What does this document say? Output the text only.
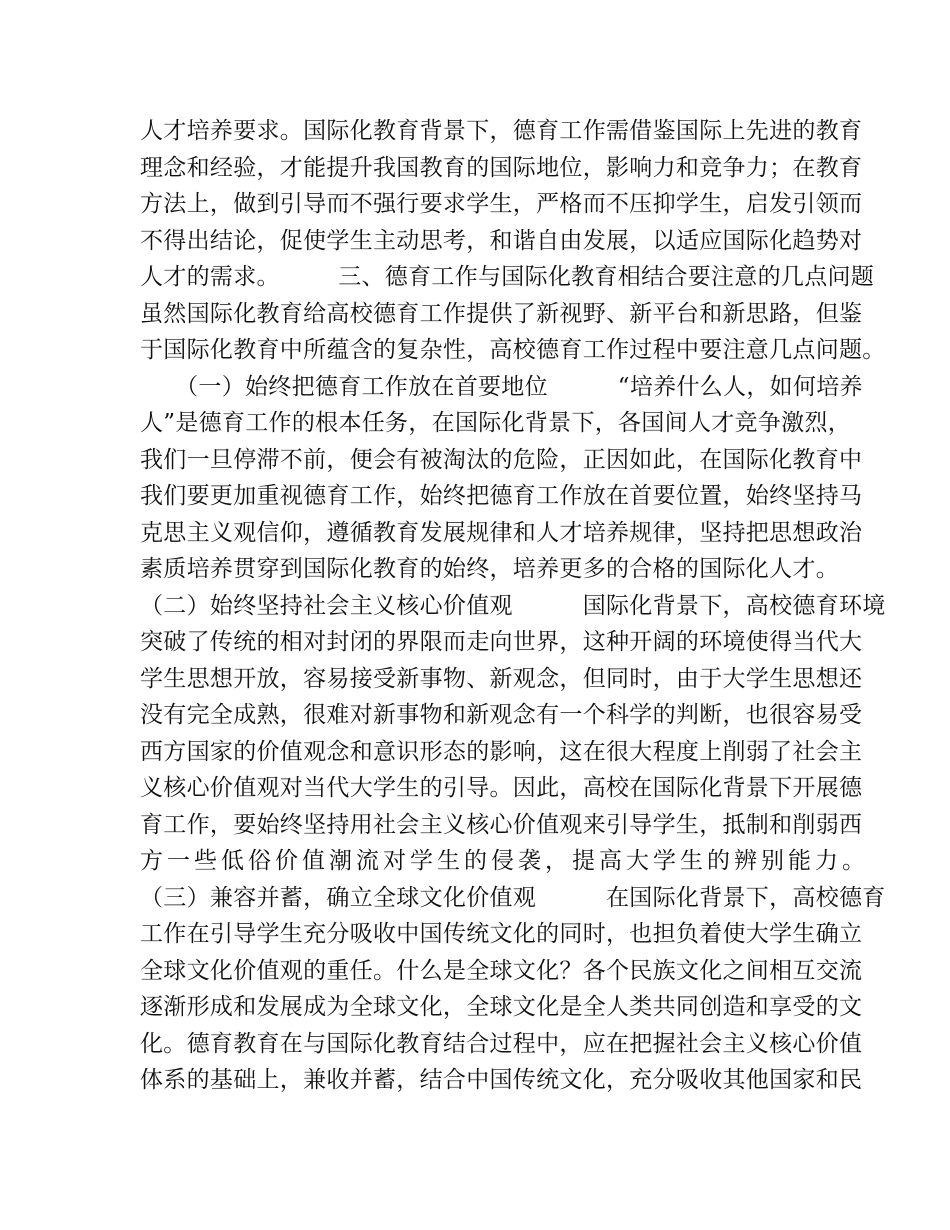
人才培养要求。国际化教育背景下，德育工作需借鉴国际上先进的教育
理念和经验，才能提升我国教育的国际地位，影响力和竞争力；在教育
方法上，做到引导而不强行要求学生，严格而不压抑学生，启发引领而
不得出结论，促使学生主动思考，和谐自由发展，以适应国际化趋势对
人才的需求。　　　三、德育工作与国际化教育相结合要注意的几点问题
虽然国际化教育给高校德育工作提供了新视野、新平台和新思路，但鉴
于国际化教育中所蕴含的复杂性，高校德育工作过程中要注意几点问题。
　　（一）始终把德育工作放在首要地位　　　“培养什么人，如何培养
人”是德育工作的根本任务，在国际化背景下，各国间人才竞争激烈，
我们一旦停滞不前，便会有被淘汰的危险，正因如此，在国际化教育中
我们要更加重视德育工作，始终把德育工作放在首要位置，始终坚持马
克思主义观信仰，遵循教育发展规律和人才培养规律，坚持把思想政治
素质培养贯穿到国际化教育的始终，培养更多的合格的国际化人才。
（二）始终坚持社会主义核心价值观　　　国际化背景下，高校德育环境
突破了传统的相对封闭的界限而走向世界，这种开阔的环境使得当代大
学生思想开放，容易接受新事物、新观念，但同时，由于大学生思想还
没有完全成熟，很难对新事物和新观念有一个科学的判断，也很容易受
西方国家的价值观念和意识形态的影响，这在很大程度上削弱了社会主
义核心价值观对当代大学生的引导。因此，高校在国际化背景下开展德
育工作，要始终坚持用社会主义核心价值观来引导学生，抵制和削弱西
方一些低俗价值潮流对学生的侵袭，提高大学生的辨别能力。
（三）兼容并蓄，确立全球文化价值观　　　在国际化背景下，高校德育
工作在引导学生充分吸收中国传统文化的同时，也担负着使大学生确立
全球文化价值观的重任。什么是全球文化？各个民族文化之间相互交流
逐渐形成和发展成为全球文化，全球文化是全人类共同创造和享受的文
化。德育教育在与国际化教育结合过程中，应在把握社会主义核心价值
体系的基础上，兼收并蓄，结合中国传统文化，充分吸收其他国家和民
